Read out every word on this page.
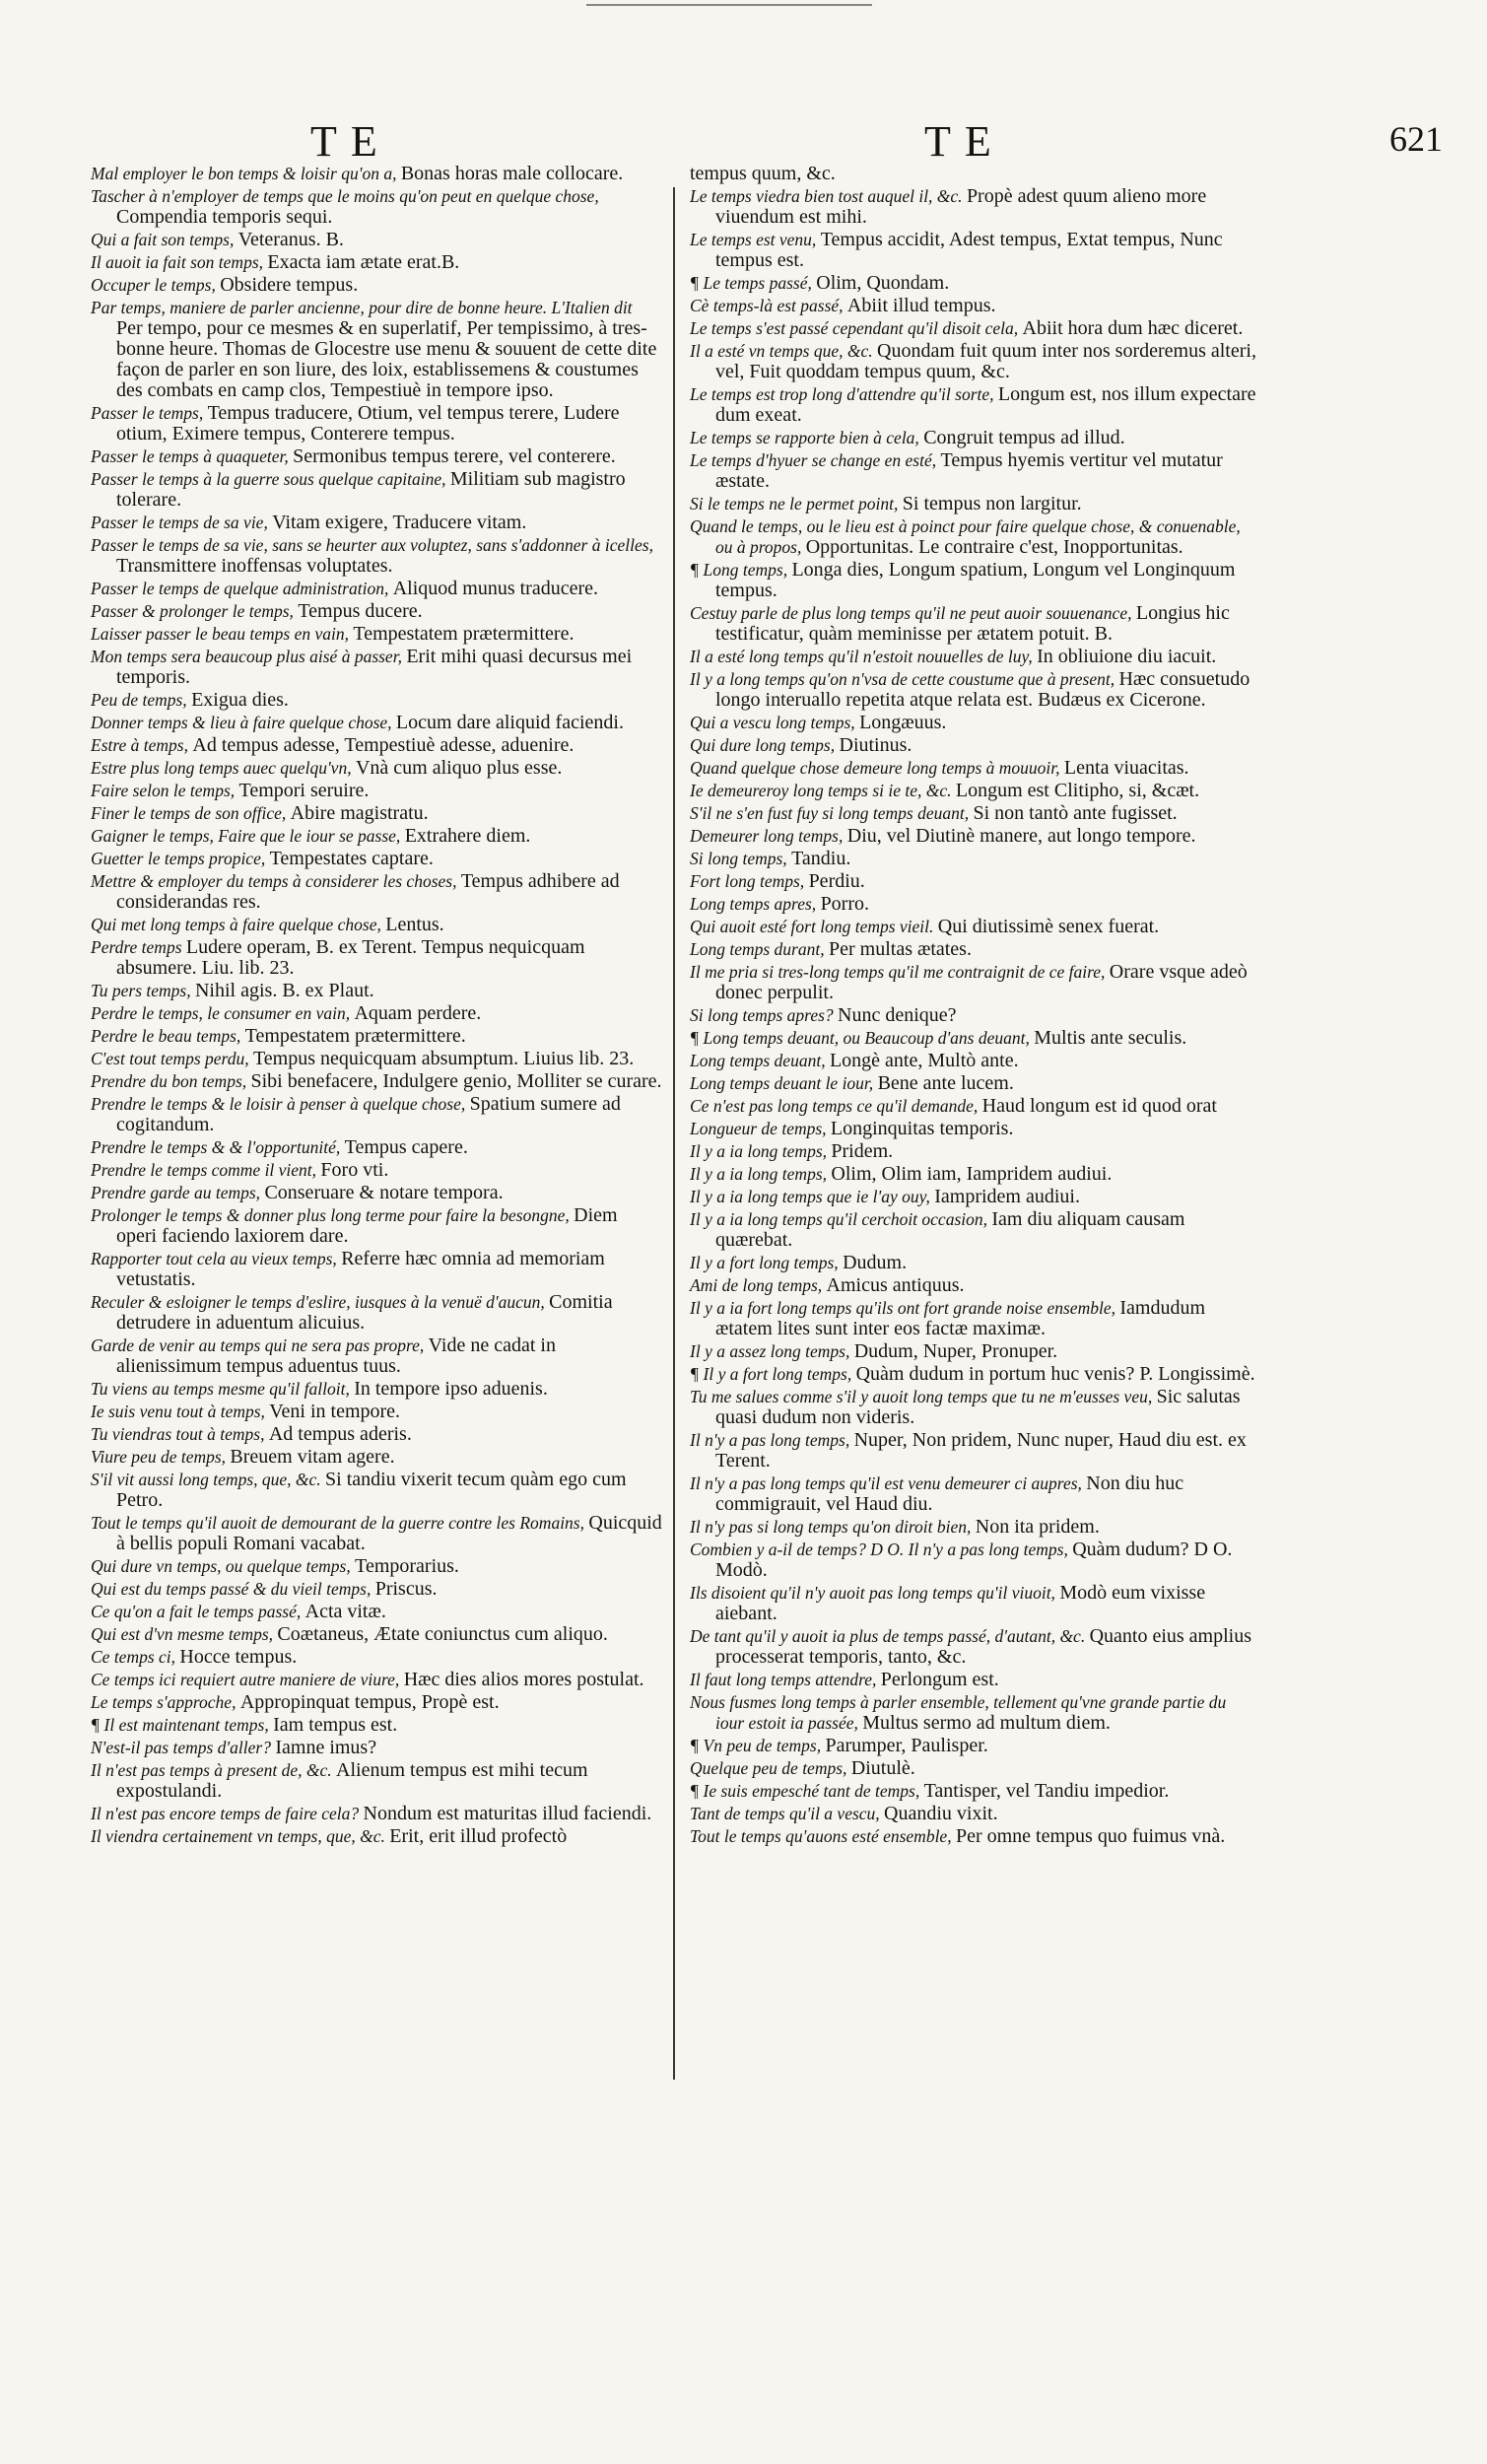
TE	TE	621
Mal employer le bon temps & loisir qu'on a, Bonas horas male collocare.
Tascher à n'employer de temps que le moins qu'on peut en quelque chose, Compendia temporis sequi.
Qui a fait son temps, Veteranus. B.
Il auoit ia fait son temps, Exacta iam ætate erat.B.
Occuper le temps, Obsidere tempus.
Par temps, maniere de parler ancienne, pour dire de bonne heure. L'Italien dit Per tempo, pour ce mesmes & en superlatif, Per tempissimo, à tres-bonne heure. Thomas de Glocestre use menu & souuent de cette dite façon de parler en son liure, des loix, establissemens & coustumes des combats en camp clos, Tempestiuè in tempore ipso.
Passer le temps, Tempus traducere, Otium, vel tempus terere, Ludere otium, Eximere tempus, Conterere tempus.
Passer le temps à quaqueter, Sermonibus tempus terere, vel conterere.
Passer le temps à la guerre sous quelque capitaine, Militiam sub magistro tolerare.
Passer le temps de sa vie, Vitam exigere, Traducere vitam.
Passer le temps de sa vie, sans se heurter aux voluptez, sans s'addonner à icelles, Transmittere inoffensas voluptates.
Passer le temps de quelque administration, Aliquod munus traducere.
Passer & prolonger le temps, Tempus ducere.
Laisser passer le beau temps en vain, Tempestatem prætermittere.
Mon temps sera beaucoup plus aisé à passer, Erit mihi quasi decursus mei temporis.
Peu de temps, Exigua dies.
Donner temps & lieu à faire quelque chose, Locum dare aliquid faciendi.
Estre à temps, Ad tempus adesse, Tempestiuè adesse, aduenire.
Estre plus long temps auec quelqu'vn, Vnà cum aliquo plus esse.
Faire selon le temps, Tempori seruire.
Finer le temps de son office, Abire magistratu.
Gaigner le temps, Faire que le iour se passe, Extrahere diem.
Guetter le temps propice, Tempestates captare.
Mettre & employer du temps à considerer les choses, Tempus adhibere ad considerandas res.
Qui met long temps à faire quelque chose, Lentus.
Perdre temps Ludere operam, B. ex Terent. Tempus nequicquam absumere. Liu. lib. 23.
Tu pers temps, Nihil agis. B. ex Plaut.
Perdre le temps, le consumer en vain, Aquam perdere.
Perdre le beau temps, Tempestatem prætermittere.
C'est tout temps perdu, Tempus nequicquam absumptum. Liuius lib. 23.
Prendre du bon temps, Sibi benefacere, Indulgere genio, Molliter se curare.
Prendre le temps & le loisir à penser à quelque chose, Spatium sumere ad cogitandum.
Prendre le temps & & l'opportunité, Tempus capere.
Prendre le temps comme il vient, Foro vti.
Prendre garde au temps, Conseruare & notare tempora.
Prolonger le temps & donner plus long terme pour faire la besongne, Diem operi faciendo laxiorem dare.
Rapporter tout cela au vieux temps, Referre hæc omnia ad memoriam vetustatis.
Reculer & esloigner le temps d'eslire, iusques à la venuë d'aucun, Comitia detrudere in aduentum alicuius.
Garde de venir au temps qui ne sera pas propre, Vide ne cadat in alienissimum tempus aduentus tuus.
Tu viens au temps mesme qu'il falloit, In tempore ipso aduenis.
Ie suis venu tout à temps, Veni in tempore.
Tu viendras tout à temps, Ad tempus aderis.
Viure peu de temps, Breuem vitam agere.
S'il vit aussi long temps, que, &c. Si tandiu vixerit tecum quàm ego cum Petro.
Tout le temps qu'il auoit de demourant de la guerre contre les Romains, Quicquid à bellis populi Romani vacabat.
Qui dure vn temps, ou quelque temps, Temporarius.
Qui est du temps passé & du vieil temps, Priscus.
Ce qu'on a fait le temps passé, Acta vitæ.
Qui est d'vn mesme temps, Coætaneus, Ætate coniunctus cum aliquo.
Ce temps ci, Hocce tempus.
Ce temps ici requiert autre maniere de viure, Hæc dies alios mores postulat.
Le temps s'approche, Appropinquat tempus, Propè est.
¶ Il est maintenant temps, Iam tempus est.
N'est-il pas temps d'aller? Iamne imus?
Il n'est pas temps à present de, &c. Alienum tempus est mihi tecum expostulandi.
Il n'est pas encore temps de faire cela? Nondum est maturitas illud faciendi.
Il viendra certainement vn temps, que, &c. Erit, erit illud profectò
tempus quum, &c.
Le temps viedra bien tost auquel il, &c. Propè adest quum alieno more viuendum est mihi.
Le temps est venu, Tempus accidit, Adest tempus, Extat tempus, Nunc tempus est.
¶ Le temps passé, Olim, Quondam.
Cè temps-là est passé, Abiit illud tempus.
Le temps s'est passé cependant qu'il disoit cela, Abiit hora dum hæc diceret.
Il a esté vn temps que, &c. Quondam fuit quum inter nos sorderemus alteri, vel, Fuit quoddam tempus quum, &c.
Le temps est trop long d'attendre qu'il sorte, Longum est, nos illum expectare dum exeat.
Le temps se rapporte bien à cela, Congruit tempus ad illud.
Le temps d'hyuer se change en esté, Tempus hyemis vertitur vel mutatur æstate.
Si le temps ne le permet point, Si tempus non largitur.
Quand le temps, ou le lieu est à poinct pour faire quelque chose, & conuenable, ou à propos, Opportunitas. Le contraire c'est, Inopportunitas.
¶ Long temps, Longa dies, Longum spatium, Longum vel Longinquum tempus.
Cestuy parle de plus long temps qu'il ne peut auoir souuenance, Longius hic testificatur, quàm meminisse per ætatem potuit. B.
Il a esté long temps qu'il n'estoit nouuelles de luy, In obliuione diu iacuit.
Il y a long temps qu'on n'vsa de cette coustume que à present, Hæc consuetudo longo interuallo repetita atque relata est. Budæus ex Cicerone.
Qui a vescu long temps, Longæuus.
Qui dure long temps, Diutinus.
Quand quelque chose demeure long temps à mouuoir, Lenta viuacitas.
Ie demeureroy long temps si ie te, &c. Longum est Clitipho, si, &cæt.
S'il ne s'en fust fuy si long temps deuant, Si non tantò ante fugisset.
Demeurer long temps, Diu, vel Diutinè manere, aut longo tempore.
Si long temps, Tandiu.
Fort long temps, Perdiu.
Long temps apres, Porro.
Qui auoit esté fort long temps vieil. Qui diutissimè senex fuerat.
Long temps durant, Per multas ætates.
Il me pria si tres-long temps qu'il me contraignit de ce faire, Orare vsque adeò donec perpulit.
Si long temps apres? Nunc denique?
¶ Long temps deuant, ou Beaucoup d'ans deuant, Multis ante seculis.
Long temps deuant, Longè ante, Multò ante.
Long temps deuant le iour, Bene ante lucem.
Ce n'est pas long temps ce qu'il demande, Haud longum est id quod orat
Longueur de temps, Longinquitas temporis.
Il y a ia long temps, Pridem.
Il y a ia long temps, Olim, Olim iam, Iampridem audiui.
Il y a ia long temps que ie l'ay ouy, Iampridem audiui.
Il y a ia long temps qu'il cerchoit occasion, Iam diu aliquam causam quærebat.
Il y a fort long temps, Dudum.
Ami de long temps, Amicus antiquus.
Il y a ia fort long temps qu'ils ont fort grande noise ensemble, Iamdudum ætatem lites sunt inter eos factæ maximæ.
Il y a assez long temps, Dudum, Nuper, Pronuper.
¶ Il y a fort long temps, Quàm dudum in portum huc venis? P. Longissimè.
Tu me salues comme s'il y auoit long temps que tu ne m'eusses veu, Sic salutas quasi dudum non videris.
Il n'y a pas long temps, Nuper, Non pridem, Nunc nuper, Haud diu est. ex Terent.
Il n'y a pas long temps qu'il est venu demeurer ci aupres, Non diu huc commigrauit, vel Haud diu.
Il n'y pas si long temps qu'on diroit bien, Non ita pridem.
Combien y a-il de temps? D O. Il n'y a pas long temps, Quàm dudum? D O. Modò.
Ils disoient qu'il n'y auoit pas long temps qu'il viuoit, Modò eum vixisse aiebant.
De tant qu'il y auoit ia plus de temps passé, d'autant, &c. Quanto eius amplius processerat temporis, tanto, &c.
Il faut long temps attendre, Perlongum est.
Nous fusmes long temps à parler ensemble, tellement qu'vne grande partie du iour estoit ia passée, Multus sermo ad multum diem.
¶ Vn peu de temps, Parumper, Paulisper.
Quelque peu de temps, Diutulè.
¶ Ie suis empesché tant de temps, Tantisper, vel Tandiu impedior.
Tant de temps qu'il a vescu, Quandiu vixit.
Tout le temps qu'auons esté ensemble, Per omne tempus quo fuimus vnà.
